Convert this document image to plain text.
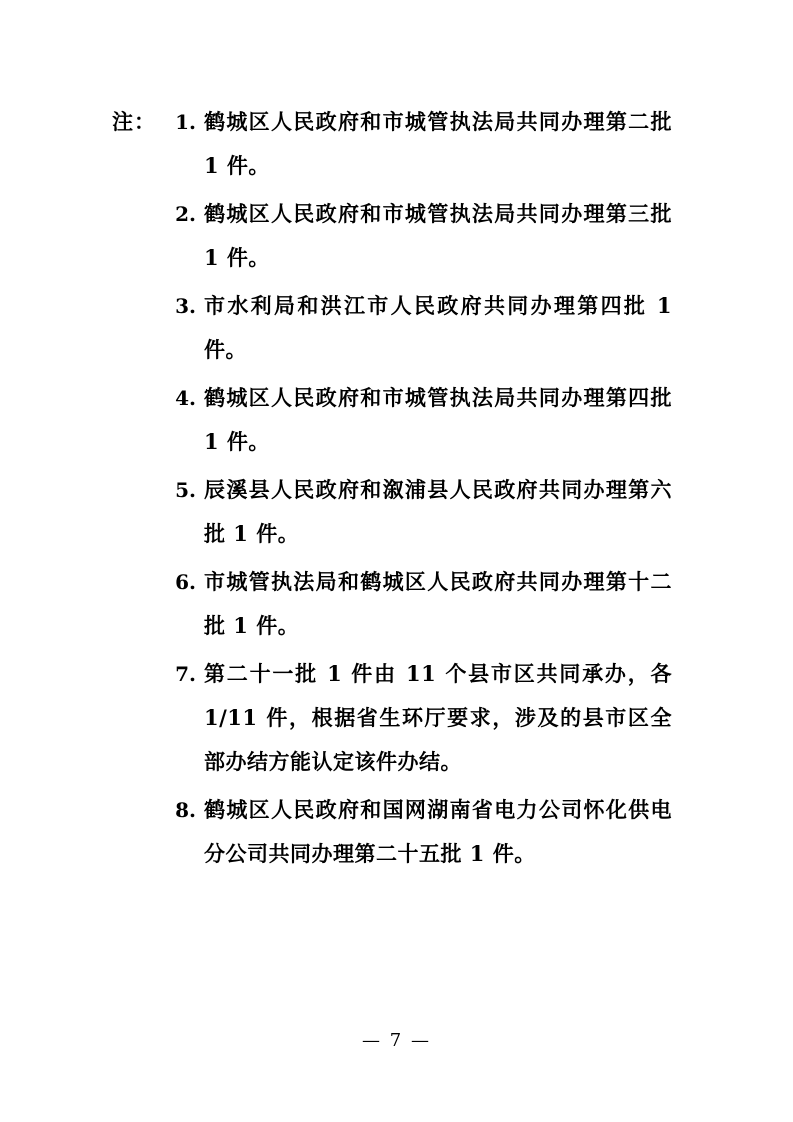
注： 1. 鹤城区人民政府和市城管执法局共同办理第二批 1 件。
2. 鹤城区人民政府和市城管执法局共同办理第三批 1 件。
3. 市水利局和洪江市人民政府共同办理第四批 1 件。
4. 鹤城区人民政府和市城管执法局共同办理第四批 1 件。
5. 辰溪县人民政府和溆浦县人民政府共同办理第六批 1 件。
6. 市城管执法局和鹤城区人民政府共同办理第十二批 1 件。
7. 第二十一批 1 件由 11 个县市区共同承办，各 1/11 件，根据省生环厅要求，涉及的县市区全部办结方能认定该件办结。
8. 鹤城区人民政府和国网湖南省电力公司怀化供电分公司共同办理第二十五批 1 件。
— 7 —
